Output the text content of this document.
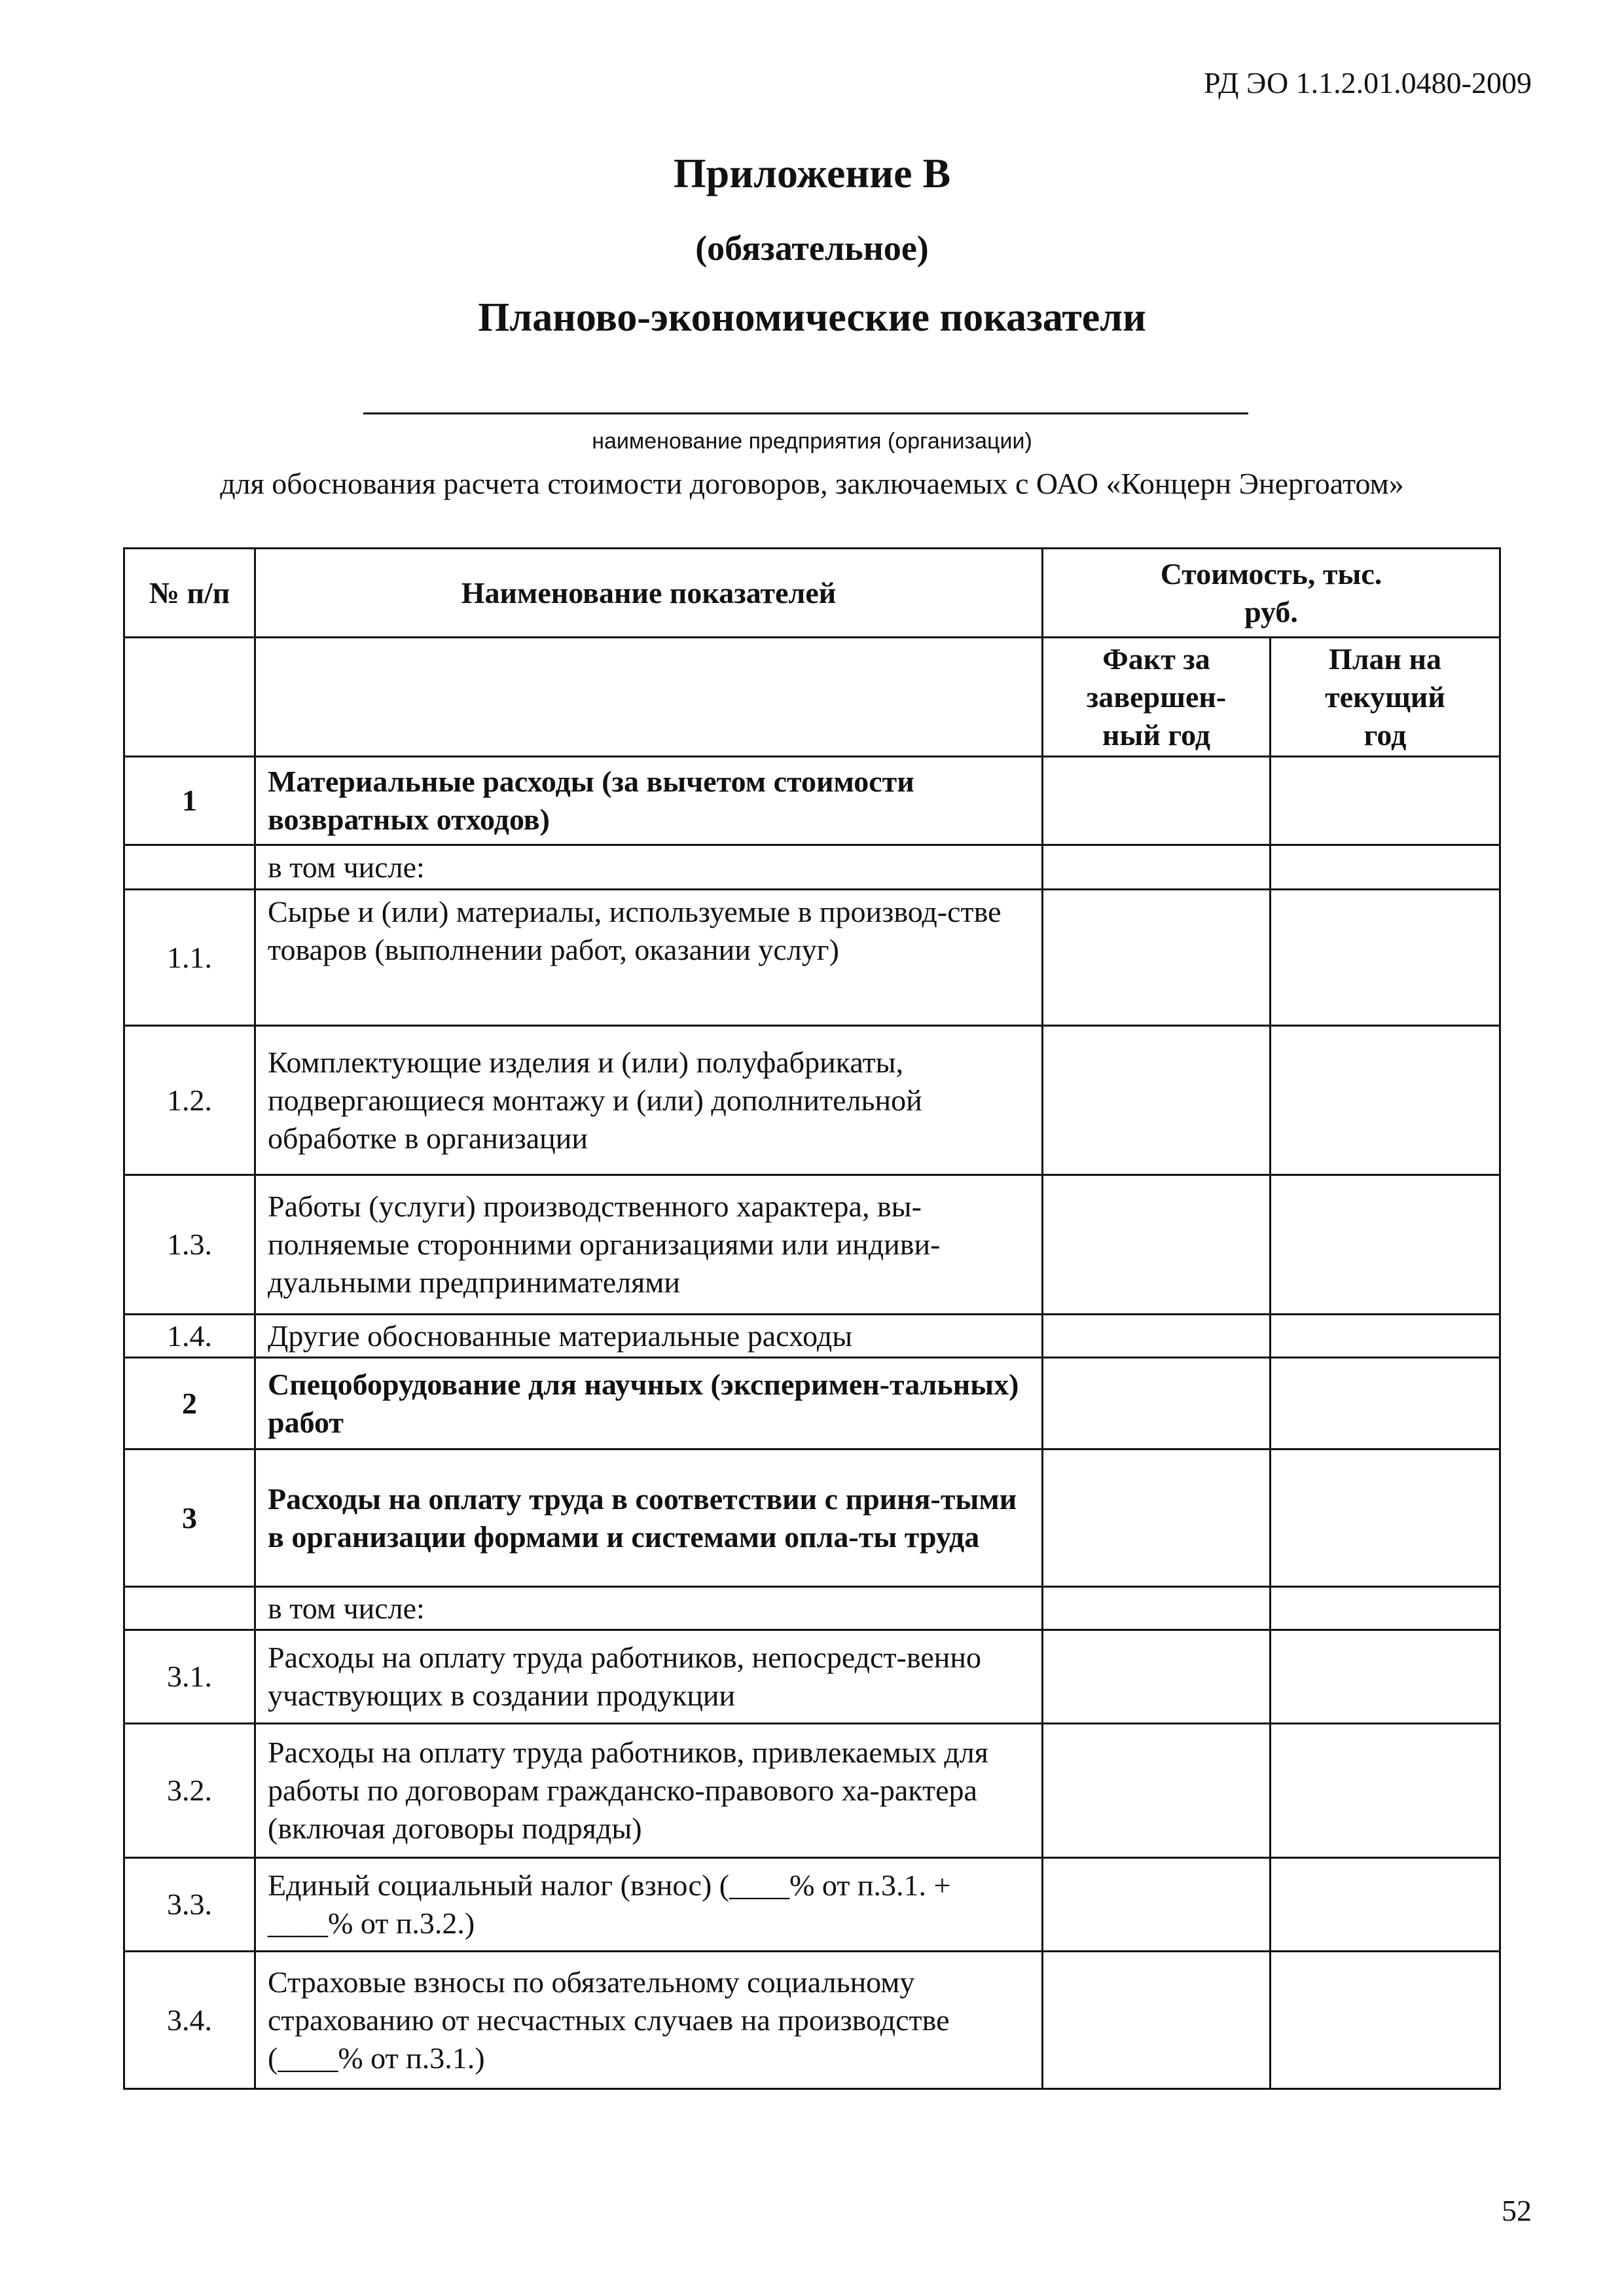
РД ЭО 1.1.2.01.0480-2009
Приложение В
(обязательное)
Планово-экономические показатели
наименование предприятия (организации)
для обоснования расчета стоимости договоров, заключаемых с ОАО «Концерн Энергоатом»
№ п/п	Наименование показателей	Стоимость, тыс. руб.	
		Факт за завершен-ный год	План на текущий год
1	Материальные расходы (за вычетом стоимости возвратных отходов)		
	в том числе:		
1.1.	Сырье и (или) материалы, используемые в производ-стве товаров (выполнении работ, оказании услуг)		
1.2.	Комплектующие изделия и (или) полуфабрикаты, подвергающиеся монтажу и (или) дополнительной обработке в организации		
1.3.	Работы (услуги) производственного характера, вы-полняемые сторонними организациями или индиви-дуальными предпринимателями		
1.4.	Другие обоснованные материальные расходы		
2	Спецоборудование для научных (эксперимен-тальных) работ		
3	Расходы на оплату труда в соответствии с приня-тыми в организации формами и системами опла-ты труда		
	в том числе:		
3.1.	Расходы на оплату труда работников, непосредст-венно участвующих в создании продукции		
3.2.	Расходы на оплату труда работников, привлекаемых для работы по договорам гражданско-правового ха-рактера (включая договоры подряды)		
3.3.	Единый социальный налог (взнос) (____% от п.3.1. + ____% от п.3.2.)		
3.4.	Страховые взносы по обязательному социальному страхованию от несчастных случаев на производстве (____% от п.3.1.)		
52
